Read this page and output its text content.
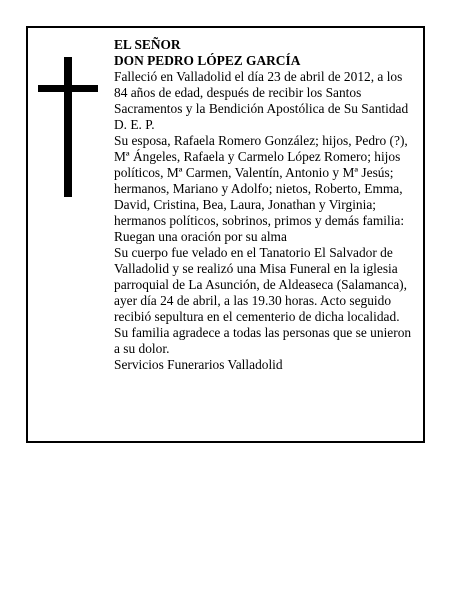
EL SEÑOR

DON PEDRO LÓPEZ GARCÍA

Falleció en Valladolid el día 23 de abril de 2012, a los 84 años de edad, después de recibir los Santos Sacramentos y la Bendición Apostólica de Su Santidad D. E. P.

Su esposa, Rafaela Romero González; hijos, Pedro (?), Mª Ángeles, Rafaela y Carmelo López Romero; hijos políticos, Mª Carmen, Valentín, Antonio y Mª Jesús; hermanos, Mariano y Adolfo; nietos, Roberto, Emma, David, Cristina, Bea, Laura, Jonathan y Virginia; hermanos políticos, sobrinos, primos y demás familia:

Ruegan una oración por su alma

Su cuerpo fue velado en el Tanatorio El Salvador de Valladolid y se realizó una Misa Funeral en la iglesia parroquial de La Asunción, de Aldeaseca (Salamanca), ayer día 24 de abril, a las 19.30 horas. Acto seguido recibió sepultura en el cementerio de dicha localidad.

Su familia agradece a todas las personas que se unieron a su dolor.

Servicios Funerarios Valladolid
